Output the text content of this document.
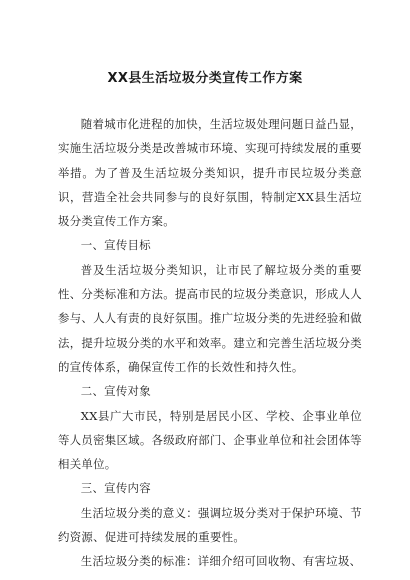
XX县生活垃圾分类宣传工作方案

随着城市化进程的加快，生活垃圾处理问题日益凸显，实施生活垃圾分类是改善城市环境、实现可持续发展的重要举措。为了普及生活垃圾分类知识，提升市民垃圾分类意识，营造全社会共同参与的良好氛围，特制定XX县生活垃圾分类宣传工作方案。

一、宣传目标

普及生活垃圾分类知识，让市民了解垃圾分类的重要性、分类标准和方法。提高市民的垃圾分类意识，形成人人参与、人人有责的良好氛围。推广垃圾分类的先进经验和做法，提升垃圾分类的水平和效率。建立和完善生活垃圾分类的宣传体系，确保宣传工作的长效性和持久性。

二、宣传对象

XX县广大市民，特别是居民小区、学校、企事业单位等人员密集区域。各级政府部门、企事业单位和社会团体等相关单位。

三、宣传内容

生活垃圾分类的意义：强调垃圾分类对于保护环境、节约资源、促进可持续发展的重要性。

生活垃圾分类的标准：详细介绍可回收物、有害垃圾、
